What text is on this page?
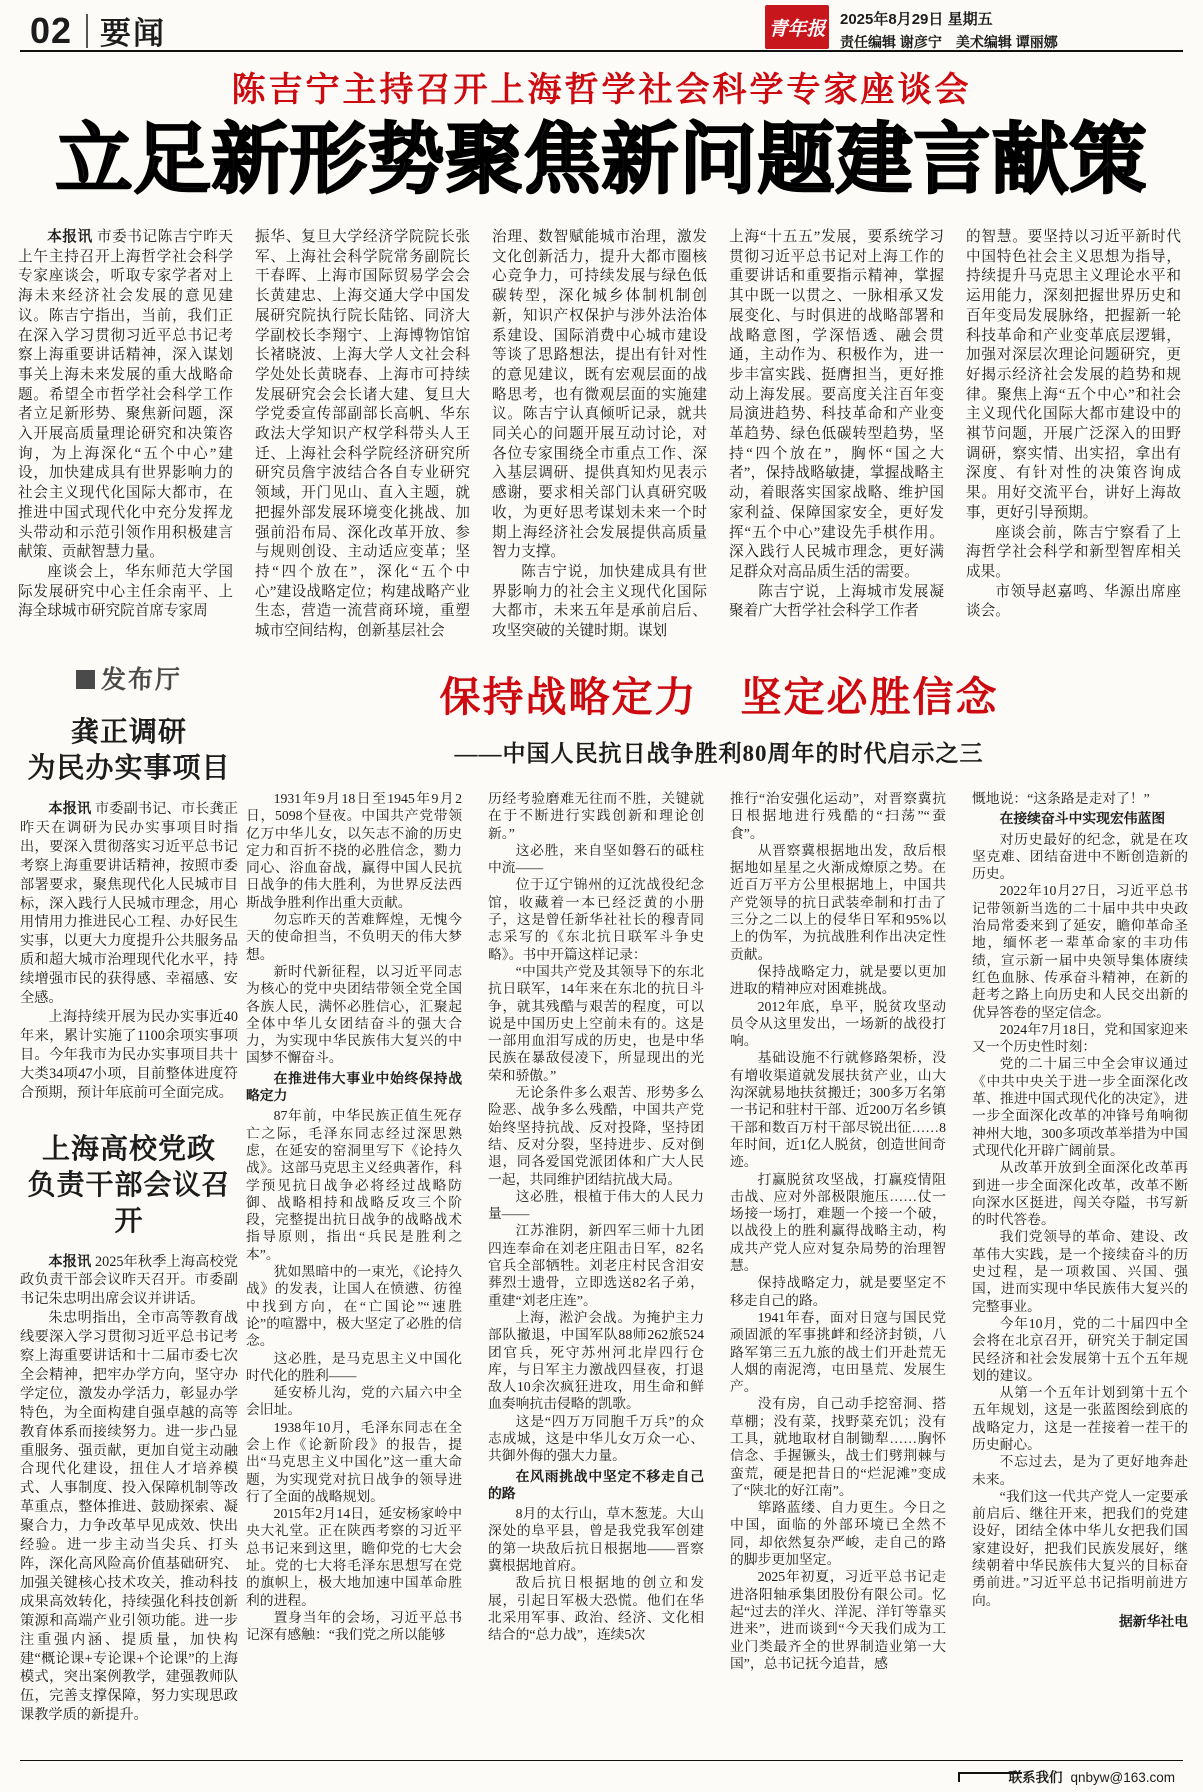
02 要闻	青年报 2025年8月29日 星期五
责任编辑 谢彦宁　美术编辑 谭丽娜
陈吉宁主持召开上海哲学社会科学专家座谈会
立足新形势聚焦新问题建言献策

本报讯 市委书记陈吉宁昨天上午主持召开上海哲学社会科学专家座谈会，听取专家学者对上海未来经济社会发展的意见建议。陈吉宁指出，当前，我们正在深入学习贯彻习近平总书记考察上海重要讲话精神，深入谋划事关上海未来发展的重大战略命题。希望全市哲学社会科学工作者立足新形势、聚焦新问题，深入开展高质量理论研究和决策咨询，为上海深化“五个中心”建设，加快建成具有世界影响力的社会主义现代化国际大都市，在推进中国式现代化中充分发挥龙头带动和示范引领作用积极建言献策、贡献智慧力量。

座谈会上，华东师范大学国际发展研究中心主任余南平、上海全球城市研究院首席专家周

振华、复旦大学经济学院院长张军、上海社会科学院常务副院长干春晖、上海市国际贸易学会会长黄建忠、上海交通大学中国发展研究院执行院长陆铭、同济大学副校长李翔宁、上海博物馆馆长褚晓波、上海大学人文社会科学处处长黄晓春、上海市可持续发展研究会会长诸大建、复旦大学党委宣传部副部长高帆、华东政法大学知识产权学科带头人王迁、上海社会科学院经济研究所研究员詹宇波结合各自专业研究领域，开门见山、直入主题，就把握外部发展环境变化挑战、加强前沿布局、深化改革开放、参与规则创设、主动适应变革；坚持“四个放在”，深化“五个中心”建设战略定位；构建战略产业生态，营造一流营商环境，重塑城市空间结构，创新基层社会

治理、数智赋能城市治理，激发文化创新活力，提升大都市圈核心竞争力，可持续发展与绿色低碳转型，深化城乡体制机制创新，知识产权保护与涉外法治体系建设、国际消费中心城市建设等谈了思路想法，提出有针对性的意见建议，既有宏观层面的战略思考，也有微观层面的实施建议。陈吉宁认真倾听记录，就共同关心的问题开展互动讨论，对各位专家围绕全市重点工作、深入基层调研、提供真知灼见表示感谢，要求相关部门认真研究吸收，为更好思考谋划未来一个时期上海经济社会发展提供高质量智力支撑。

陈吉宁说，加快建成具有世界影响力的社会主义现代化国际大都市，未来五年是承前启后、攻坚突破的关键时期。谋划

上海“十五五”发展，要系统学习贯彻习近平总书记对上海工作的重要讲话和重要指示精神，掌握其中既一以贯之、一脉相承又发展变化、与时俱进的战略部署和战略意图，学深悟透、融会贯通，主动作为、积极作为，进一步丰富实践、挺膺担当，更好推动上海发展。要高度关注百年变局演进趋势、科技革命和产业变革趋势、绿色低碳转型趋势，坚持“四个放在”，胸怀“国之大者”，保持战略敏捷，掌握战略主动，着眼落实国家战略、维护国家利益、保障国家安全，更好发挥“五个中心”建设先手棋作用。深入践行人民城市理念，更好满足群众对高品质生活的需要。

陈吉宁说，上海城市发展凝聚着广大哲学社会科学工作者

的智慧。要坚持以习近平新时代中国特色社会主义思想为指导，持续提升马克思主义理论水平和运用能力，深刻把握世界历史和百年变局发展脉络，把握新一轮科技革命和产业变革底层逻辑，加强对深层次理论问题研究，更好揭示经济社会发展的趋势和规律。聚焦上海“五个中心”和社会主义现代化国际大都市建设中的褀节问题，开展广泛深入的田野调研，察实情、出实招，拿出有深度、有针对性的决策咨询成果。用好交流平台，讲好上海故事，更好引导预期。

座谈会前，陈吉宁察看了上海哲学社会科学和新型智库相关成果。

市领导赵嘉鸣、华源出席座谈会。

发布厅
龚正调研
为民办实事项目

本报讯 市委副书记、市长龚正昨天在调研为民办实事项目时指出，要深入贯彻落实习近平总书记考察上海重要讲话精神，按照市委部署要求，聚焦现代化人民城市目标，深入践行人民城市理念，用心用情用力推进民心工程、办好民生实事，以更大力度提升公共服务品质和超大城市治理现代化水平，持续增强市民的获得感、幸福感、安全感。

上海持续开展为民办实事近40年来，累计实施了1100余项实事项目。今年我市为民办实事项目共十大类34项47小项，目前整体进度符合预期，预计年底前可全面完成。

上海高校党政
负责干部会议召开

本报讯 2025年秋季上海高校党政负责干部会议昨天召开。市委副书记朱忠明出席会议并讲话。

朱忠明指出，全市高等教育战线要深入学习贯彻习近平总书记考察上海重要讲话和十二届市委七次全会精神，把牢办学方向，坚守办学定位，激发办学活力，彰显办学特色，为全面构建自强卓越的高等教育体系而接续努力。进一步凸显重服务、强贡献，更加自觉主动融合现代化建设，扭住人才培养模式、人事制度、投入保障机制等改革重点，整体推进、鼓励探索、凝聚合力，力争改革早见成效、快出经验。进一步主动当尖兵、打头阵，深化高风险高价值基础研究、加强关键核心技术攻关，推动科技成果高效转化，持续强化科技创新策源和高端产业引领功能。进一步注重强内涵、提质量，加快构建“概论课+专论课+个论课”的上海模式，突出案例教学，建强教师队伍，完善支撑保障，努力实现思政课教学质的新提升。

保持战略定力　坚定必胜信念
——中国人民抗日战争胜利80周年的时代启示之三

1931年9月18日至1945年9月2日，5098个昼夜。中国共产党带领亿万中华儿女，以矢志不渝的历史定力和百折不挠的必胜信念，勠力同心、浴血奋战，赢得中国人民抗日战争的伟大胜利，为世界反法西斯战争胜利作出重大贡献。

勿忘昨天的苦难辉煌，无愧今天的使命担当，不负明天的伟大梦想。

新时代新征程，以习近平同志为核心的党中央团结带领全党全国各族人民，满怀必胜信心，汇聚起全体中华儿女团结奋斗的强大合力，为实现中华民族伟大复兴的中国梦不懈奋斗。

在推进伟大事业中始终保持战略定力

87年前，中华民族正值生死存亡之际，毛泽东同志经过深思熟虑，在延安的窑洞里写下《论持久战》。这部马克思主义经典著作，科学预见抗日战争必将经过战略防御、战略相持和战略反攻三个阶段，完整提出抗日战争的战略战术指导原则，指出“兵民是胜利之本”。

犹如黑暗中的一束光，《论持久战》的发表，让国人在愤懑、彷徨中找到方向，在“亡国论”“速胜论”的喧嚣中，极大坚定了必胜的信念。

这必胜，是马克思主义中国化时代化的胜利——

延安桥儿沟，党的六届六中全会旧址。

1938年10月，毛泽东同志在全会上作《论新阶段》的报告，提出“马克思主义中国化”这一重大命题，为实现党对抗日战争的领导进行了全面的战略规划。

2015年2月14日，延安杨家岭中央大礼堂。正在陕西考察的习近平总书记来到这里，瞻仰党的七大会址。党的七大将毛泽东思想写在党的旗帜上，极大地加速中国革命胜利的进程。

置身当年的会场，习近平总书记深有感触：“我们党之所以能够

历经考验磨难无往而不胜，关键就在于不断进行实践创新和理论创新。”

这必胜，来自坚如磐石的砥柱中流——

位于辽宁锦州的辽沈战役纪念馆，收藏着一本已经泛黄的小册子，这是曾任新华社社长的穆青同志采写的《东北抗日联军斗争史略》。书中开篇这样记录：

“中国共产党及其领导下的东北抗日联军，14年来在东北的抗日斗争，就其残酷与艰苦的程度，可以说是中国历史上空前未有的。这是一部用血泪写成的历史，也是中华民族在暴敌侵凌下，所显现出的光荣和骄傲。”

无论条件多么艰苦、形势多么险恶、战争多么残酷，中国共产党始终坚持抗战、反对投降，坚持团结、反对分裂，坚持进步、反对倒退，同各爱国党派团体和广大人民一起，共同维护团结抗战大局。

这必胜，根植于伟大的人民力量——

江苏淮阴，新四军三师十九团四连奉命在刘老庄阻击日军，82名官兵全部牺牲。刘老庄村民含泪安葬烈士遗骨，立即选送82名子弟，重建“刘老庄连”。

上海，淞沪会战。为掩护主力部队撤退，中国军队88师262旅524团官兵，死守苏州河北岸四行仓库，与日军主力激战四昼夜，打退敌人10余次疯狂进攻，用生命和鲜血奏响抗击侵略的凯歌。

这是“四万万同胞千万兵”的众志成城，这是中华儿女万众一心、共御外侮的强大力量。

在风雨挑战中坚定不移走自己的路

8月的太行山，草木葱茏。大山深处的阜平县，曾是我党我军创建的第一块敌后抗日根据地——晋察冀根据地首府。

敌后抗日根据地的创立和发展，引起日军极大恐慌。他们在华北采用军事、政治、经济、文化相结合的“总力战”，连续5次

推行“治安强化运动”，对晋察冀抗日根据地进行残酷的“扫荡”“蚕食”。

从晋察冀根据地出发，敌后根据地如星星之火渐成燎原之势。在近百万平方公里根据地上，中国共产党领导的抗日武装牵制和打击了三分之二以上的侵华日军和95%以上的伪军，为抗战胜利作出决定性贡献。

保持战略定力，就是要以更加进取的精神应对困难挑战。

2012年底，阜平，脱贫攻坚动员令从这里发出，一场新的战役打响。

基础设施不行就修路架桥，没有增收渠道就发展扶贫产业，山大沟深就易地扶贫搬迁；300多万名第一书记和驻村干部、近200万名乡镇干部和数百万村干部尽锐出征……8年时间，近1亿人脱贫，创造世间奇迹。

打赢脱贫攻坚战，打赢疫情阻击战、应对外部极限施压……仗一场接一场打，难题一个接一个破，以战役上的胜利赢得战略主动，构成共产党人应对复杂局势的治理智慧。

保持战略定力，就是要坚定不移走自己的路。

1941年春，面对日寇与国民党顽固派的军事挑衅和经济封锁，八路军第三五九旅的战士们开赴荒无人烟的南泥湾，屯田垦荒、发展生产。

没有房，自己动手挖窑洞、搭草棚；没有菜，找野菜充饥；没有工具，就地取材自制锄犁……胸怀信念、手握镢头，战士们劈荆棘与蛮荒，硬是把昔日的“烂泥滩”变成了“陕北的好江南”。

筚路蓝缕、自力更生。今日之中国，面临的外部环境已全然不同，却依然复杂严峻，走自己的路的脚步更加坚定。

2025年初夏，习近平总书记走进洛阳轴承集团股份有限公司。忆起“过去的洋火、洋泥、洋钉等靠买进来”，进而谈到“今天我们成为工业门类最齐全的世界制造业第一大国”，总书记抚今追昔，感

慨地说：“这条路是走对了！”

在接续奋斗中实现宏伟蓝图

对历史最好的纪念，就是在攻坚克难、团结奋进中不断创造新的历史。

2022年10月27日，习近平总书记带领新当选的二十届中共中央政治局常委来到了延安，瞻仰革命圣地，缅怀老一辈革命家的丰功伟绩，宣示新一届中央领导集体赓续红色血脉、传承奋斗精神，在新的赶考之路上向历史和人民交出新的优异答卷的坚定信念。

2024年7月18日，党和国家迎来又一个历史性时刻：

党的二十届三中全会审议通过《中共中央关于进一步全面深化改革、推进中国式现代化的决定》，进一步全面深化改革的冲锋号角响彻神州大地，300多项改革举措为中国式现代化开辟广阔前景。

从改革开放到全面深化改革再到进一步全面深化改革，改革不断向深水区挺进，闯关夺隘，书写新的时代答卷。

我们党领导的革命、建设、改革伟大实践，是一个接续奋斗的历史过程，是一项救国、兴国、强国，进而实现中华民族伟大复兴的完整事业。

今年10月，党的二十届四中全会将在北京召开，研究关于制定国民经济和社会发展第十五个五年规划的建议。

从第一个五年计划到第十五个五年规划，这是一张蓝图绘到底的战略定力，这是一茬接着一茬干的历史耐心。

不忘过去，是为了更好地奔赴未来。

“我们这一代共产党人一定要承前启后、继往开来，把我们的党建设好，团结全体中华儿女把我们国家建设好，把我们民族发展好，继续朝着中华民族伟大复兴的目标奋勇前进。”习近平总书记指明前进方向。

据新华社电

联系我们 qnbyw@163.com
